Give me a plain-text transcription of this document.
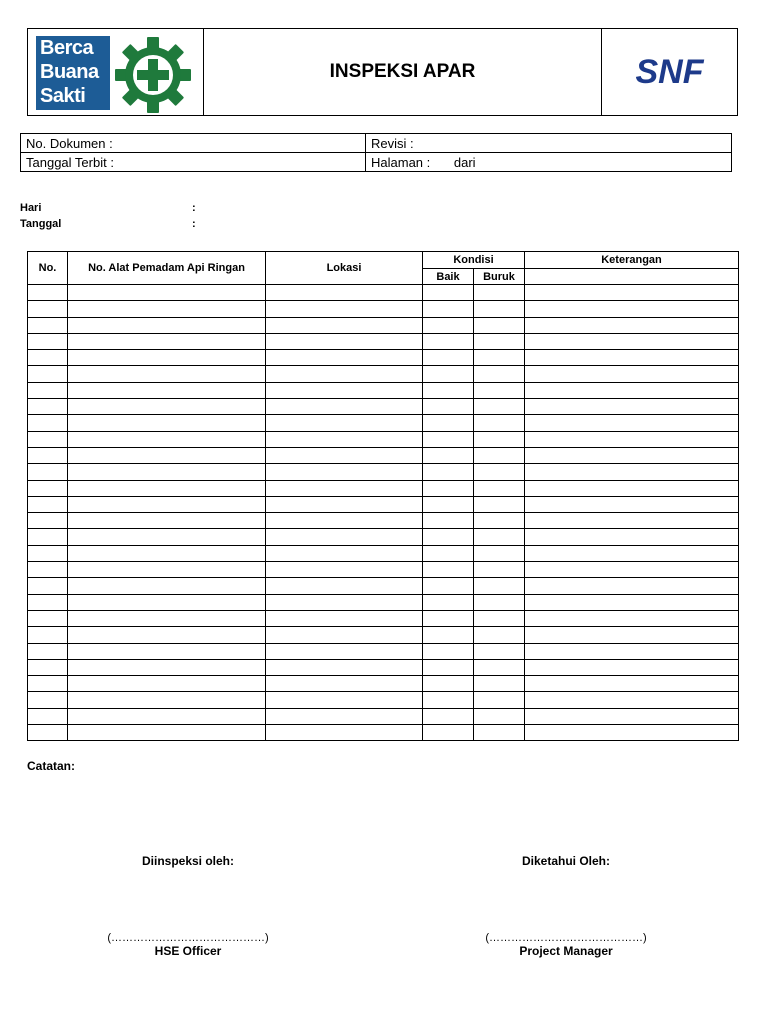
Berca
Buana
Sakti
INSPEKSI APAR	SNF
No. Dokumen :	Revisi :
Tanggal Terbit :	Halaman : dari
Hari	:
Tanggal	:
No.	No. Alat Pemadam Api Ringan	Lokasi	Kondisi		Keterangan
			Baik	Buruk	

Catatan:
Diinspeksi oleh:	Diketahui Oleh:
(……………………………………)
HSE Officer
(……………………………………)
Project Manager
